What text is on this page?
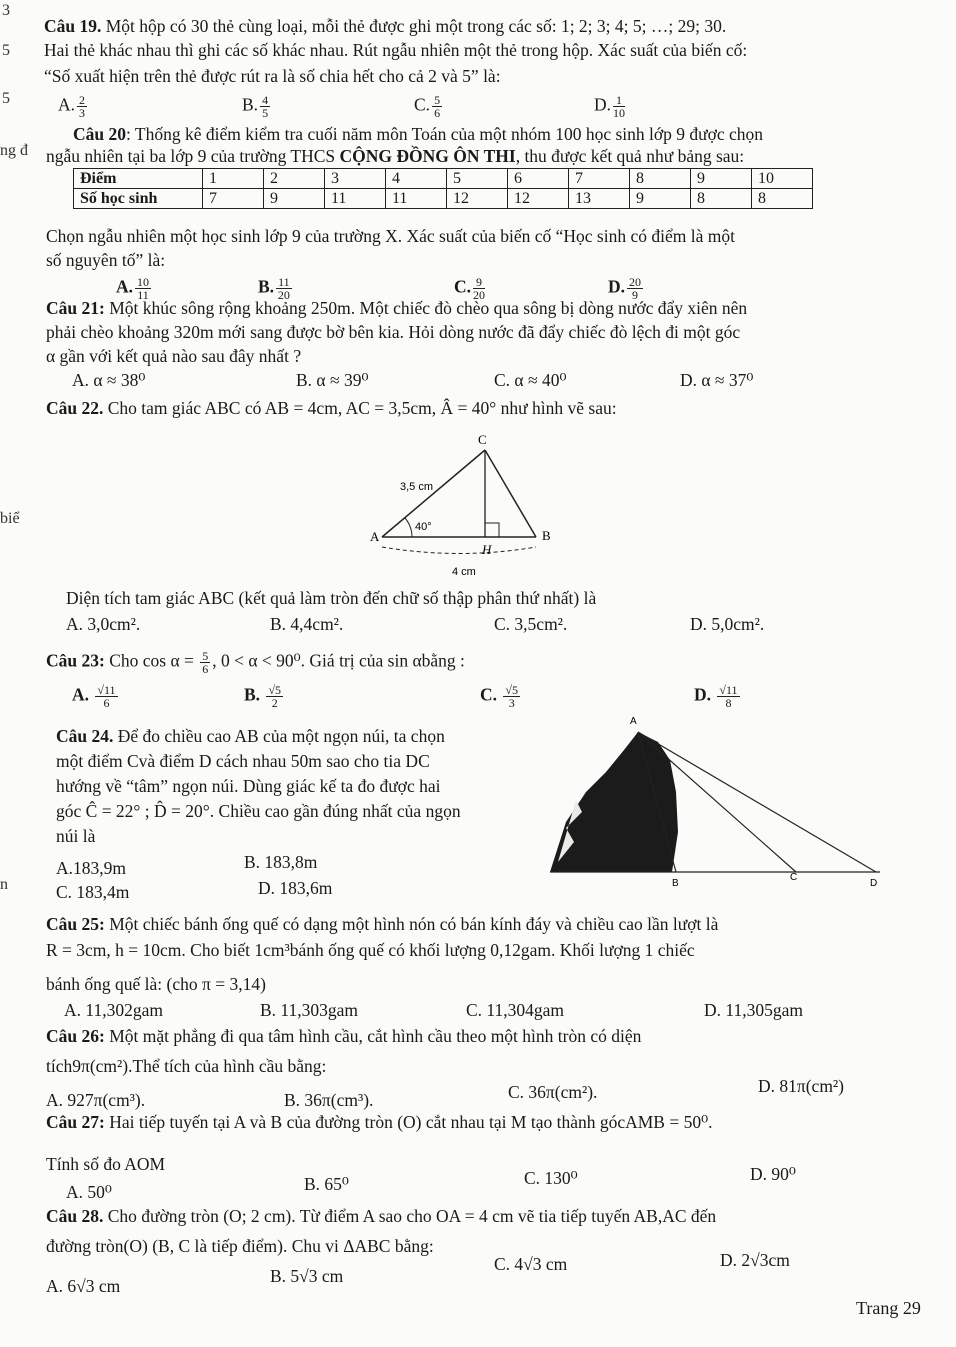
3
5
5
ng đ
biể
n
Câu 19. Một hộp có 30 thẻ cùng loại, mỗi thẻ được ghi một trong các số: 1; 2; 3; 4; 5; …; 29; 30.
Hai thẻ khác nhau thì ghi các số khác nhau. Rút ngẫu nhiên một thẻ trong hộp. Xác suất của biến cố:
“Số xuất hiện trên thẻ được rút ra là số chia hết cho cả 2 và 5” là:
A. $\frac{2}{3}$	B. $\frac{4}{5}$	C. $\frac{5}{6}$	D. $\frac{1}{10}$
Câu 20: Thống kê điểm kiểm tra cuối năm môn Toán của một nhóm 100 học sinh lớp 9 được chọn
ngẫu nhiên tại ba lớp 9 của trường THCS CỘNG ĐỒNG ÔN THI, thu được kết quả như bảng sau:
Điểm	1	2	3	4	5	6	7	8	9	10
Số học sinh	7	9	11	11	12	12	13	9	8	8
Chọn ngẫu nhiên một học sinh lớp 9 của trường X. Xác suất của biến cố “Học sinh có điểm là một
số nguyên tố” là:
A. $\frac{10}{11}$	B. $\frac{11}{20}$	C. $\frac{9}{20}$	D. $\frac{20}{9}$
Câu 21: Một khúc sông rộng khoảng 250m. Một chiếc đò chèo qua sông bị dòng nước đẩy xiên nên
phải chèo khoảng 320m mới sang được bờ bên kia. Hỏi dòng nước đã đẩy chiếc đò lệch đi một góc
α gần với kết quả nào sau đây nhất ?
A. α ≈ 38⁰	B. α ≈ 39⁰	C. α ≈ 40⁰	D. α ≈ 37⁰
Câu 22. Cho tam giác ABC có AB = 4cm, AC = 3,5cm, Â = 40° như hình vẽ sau:
C
A	B
H
3,5 cm
40°
4 cm
Diện tích tam giác ABC (kết quả làm tròn đến chữ số thập phân thứ nhất) là
A. 3,0cm².	B. 4,4cm².	C. 3,5cm².	D. 5,0cm².
Câu 23: Cho $\cos \alpha = \frac{5}{6}$ , 0 < α < 90⁰. Giá trị của sin αbằng :
A. $\frac{√11}{6}$	B. $\frac{√5}{2}$	C. $\frac{√5}{3}$	D. $\frac{√11}{8}$
Câu 24. Để đo chiều cao AB của một ngọn núi, ta chọn
một điểm Cvà điểm D cách nhau 50m sao cho tia DC
hướng về “tâm” ngọn núi. Dùng giác kế ta đo được hai
góc Ĉ = 22° ; D̂ = 20°. Chiều cao gần đúng nhất của ngọn
núi là
A.183,9m	B. 183,8m
C. 183,4m	D. 183,6m
A
B
C
D
Câu 25: Một chiếc bánh ống quế có dạng một hình nón có bán kính đáy và chiều cao lần lượt là
R = 3cm, h = 10cm. Cho biết 1cm³bánh ống quế có khối lượng 0,12gam. Khối lượng 1 chiếc
bánh ống quế là: (cho π = 3,14)
A. 11,302gam	B. 11,303gam	C. 11,304gam	D. 11,305gam
Câu 26: Một mặt phẳng đi qua tâm hình cầu, cắt hình cầu theo một hình tròn có diện
tích9π(cm²).Thể tích của hình cầu bằng:
A. 927π(cm³).	B. 36π(cm³).	C. 36π(cm²).	D. 81π(cm²)
Câu 27: Hai tiếp tuyến tại A và B của đường tròn (O) cắt nhau tại M tạo thành gócAMB = 50⁰.
Tính số đo AOM
A. 50⁰	B. 65⁰	C. 130⁰	D. 90⁰
Câu 28. Cho đường tròn (O; 2 cm). Từ điểm A sao cho OA = 4 cm vẽ tia tiếp tuyến AB,AC đến
đường tròn(O) (B, C là tiếp điểm). Chu vi ΔABC bằng:
A. 6√3 cm	B. 5√3 cm
C. 4√3 cm	D. 2√3cm
Trang 29
